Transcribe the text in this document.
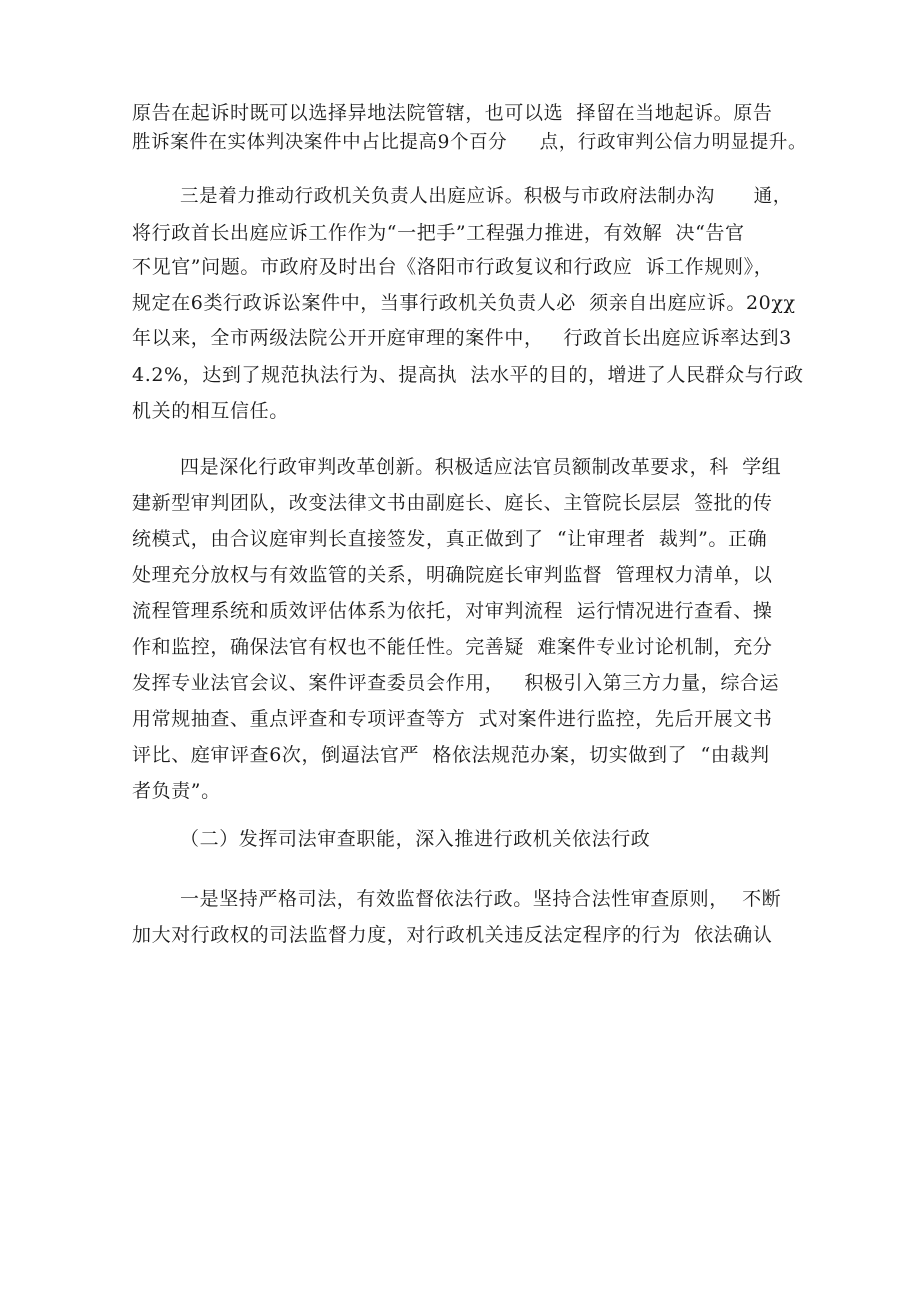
原告在起诉时既可以选择异地法院管辖，也可以选  择留在当地起诉。原告
胜诉案件在实体判决案件中占比提高9个百分     点，行政审判公信力明显提升。
三是着力推动行政机关负责人出庭应诉。积极与市政府法制办沟      通，
将行政首长出庭应诉工作作为“一把手”工程强力推进，有效解  决“告官
不见官”问题。市政府及时出台《洛阳市行政复议和行政应  诉工作规则》，
规定在6类行政诉讼案件中，当事行政机关负责人必  须亲自出庭应诉。20χχ
年以来，全市两级法院公开开庭审理的案件中，   行政首长出庭应诉率达到3
4.2%，达到了规范执法行为、提高执  法水平的目的，增进了人民群众与行政
机关的相互信任。
四是深化行政审判改革创新。积极适应法官员额制改革要求，科  学组
建新型审判团队，改变法律文书由副庭长、庭长、主管院长层层  签批的传
统模式，由合议庭审判长直接签发，真正做到了  “让审理者  裁判”。正确
处理充分放权与有效监管的关系，明确院庭长审判监督  管理权力清单，以
流程管理系统和质效评估体系为依托，对审判流程  运行情况进行查看、操
作和监控，确保法官有权也不能任性。完善疑  难案件专业讨论机制，充分
发挥专业法官会议、案件评查委员会作用，   积极引入第三方力量，综合运
用常规抽查、重点评查和专项评查等方  式对案件进行监控，先后开展文书
评比、庭审评查6次，倒逼法官严  格依法规范办案，切实做到了  “由裁判
者负责”。
（二）发挥司法审查职能，深入推进行政机关依法行政
一是坚持严格司法，有效监督依法行政。坚持合法性审查原则，  不断
加大对行政权的司法监督力度，对行政机关违反法定程序的行为  依法确认
